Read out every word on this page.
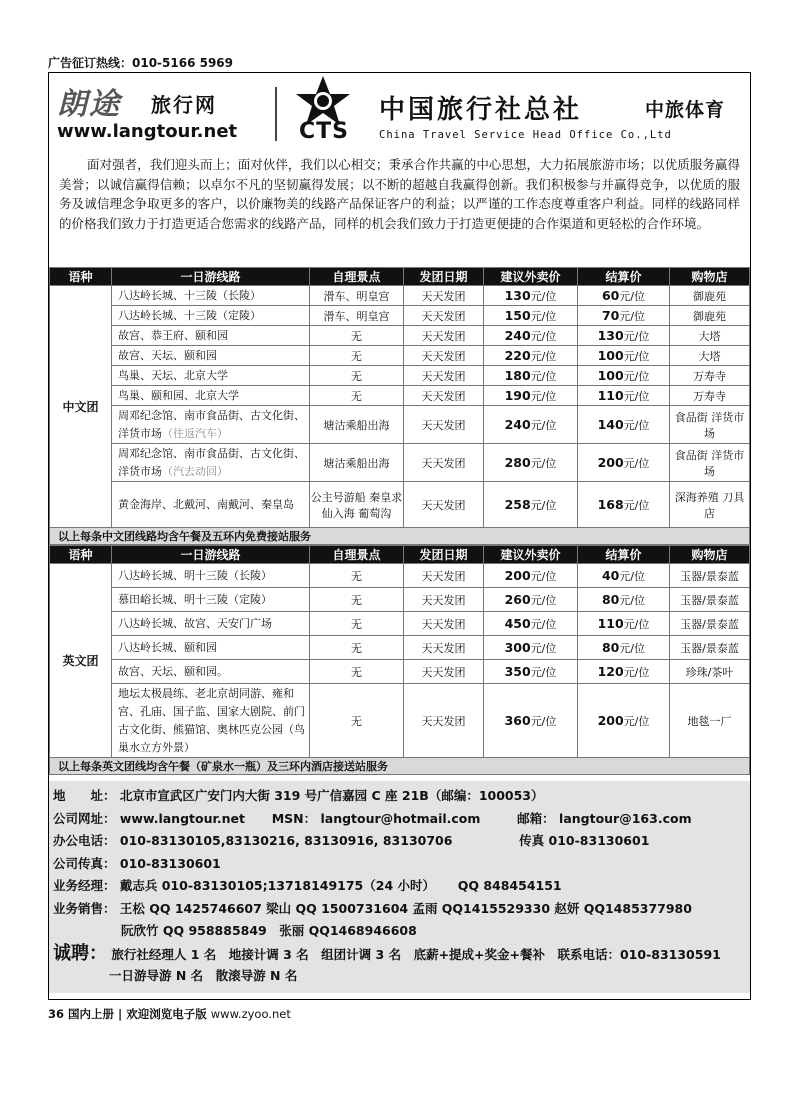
广告征订热线：010-5166 5969
朗途 旅行网
www.langtour.net	CTS
中国旅行社总社	中旅体育
China Travel Service Head Office Co.,Ltd

面对强者，我们迎头而上；面对伙伴，我们以心相交；秉承合作共赢的中心思想，大力拓展旅游市场；以优质服务赢得美誉；以诚信赢得信赖；以卓尔不凡的坚韧赢得发展；以不断的超越自我赢得创新。我们积极参与并赢得竞争，以优质的服务及诚信理念争取更多的客户，以价廉物美的线路产品保证客户的利益；以严谨的工作态度尊重客户利益。同样的线路同样的价格我们致力于打造更适合您需求的线路产品，同样的机会我们致力于打造更便捷的合作渠道和更轻松的合作环境。

语种	一日游线路	自理景点	发团日期	建议外卖价	结算价	购物店
中文团	八达岭长城、十三陵（长陵）	滑车、明皇宫	天天发团	130元/位	60元/位	御鹿苑
	八达岭长城、十三陵（定陵）	滑车、明皇宫	天天发团	150元/位	70元/位	御鹿苑
	故宫、恭王府、颐和园	无	天天发团	240元/位	130元/位	大塔
	故宫、天坛、颐和园	无	天天发团	220元/位	100元/位	大塔
	鸟巢、天坛、北京大学	无	天天发团	180元/位	100元/位	万寿寺
	鸟巢、颐和园、北京大学	无	天天发团	190元/位	110元/位	万寿寺
	周邓纪念馆、南市食品街、古文化街、洋货市场（往返汽车）	塘沽乘船出海	天天发团	240元/位	140元/位	食品街 洋货市场
	周邓纪念馆、南市食品街、古文化街、洋货市场（汽去动回）	塘沽乘船出海	天天发团	280元/位	200元/位	食品街 洋货市场
	黄金海岸、北戴河、南戴河、秦皇岛	公主号游船 秦皇求仙入海 葡萄沟	天天发团	258元/位	168元/位	深海养殖 刀具店
以上每条中文团线路均含午餐及五环内免费接站服务						
语种	一日游线路	自理景点	发团日期	建议外卖价	结算价	购物店
英文团	八达岭长城、明十三陵（长陵）	无	天天发团	200元/位	40元/位	玉器/景泰蓝
	慕田峪长城、明十三陵（定陵）	无	天天发团	260元/位	80元/位	玉器/景泰蓝
	八达岭长城、故宫、天安门广场	无	天天发团	450元/位	110元/位	玉器/景泰蓝
	八达岭长城、颐和园	无	天天发团	300元/位	80元/位	玉器/景泰蓝
	故宫、天坛、颐和园。	无	天天发团	350元/位	120元/位	珍珠/茶叶
	地坛太极晨练、老北京胡同游、雍和宫、孔庙、国子监、国家大剧院、前门古文化街、熊猫馆、奥林匹克公园（鸟巢水立方外景）	无	天天发团	360元/位	200元/位	地毯一厂
以上每条英文团线均含午餐（矿泉水一瓶）及三环内酒店接送站服务						
地　　址： 北京市宣武区广安门内大街 319 号广信嘉园 C 座 21B（邮编：100053）
公司网址： www.langtour.net MSN： langtour@hotmail.com	邮箱： langtour@163.com
办公电话： 010-83130105,83130216, 83130916, 83130706	传真 010-83130601
公司传真： 010-83130601
业务经理： 戴志兵 010-83130105;13718149175（24 小时） QQ 848454151
业务销售： 王松 QQ 1425746607 梁山 QQ 1500731604 孟雨 QQ1415529330 赵妍 QQ1485377980
阮欣竹 QQ 958885849　张丽 QQ1468946608
诚聘： 旅行社经理人 1 名　地接计调 3 名　组团计调 3 名　底薪+提成+奖金+餐补　联系电话：010-83130591
一日游导游 N 名　散滚导游 N 名
36 国内上册 | 欢迎浏览电子版 www.zyoo.net
